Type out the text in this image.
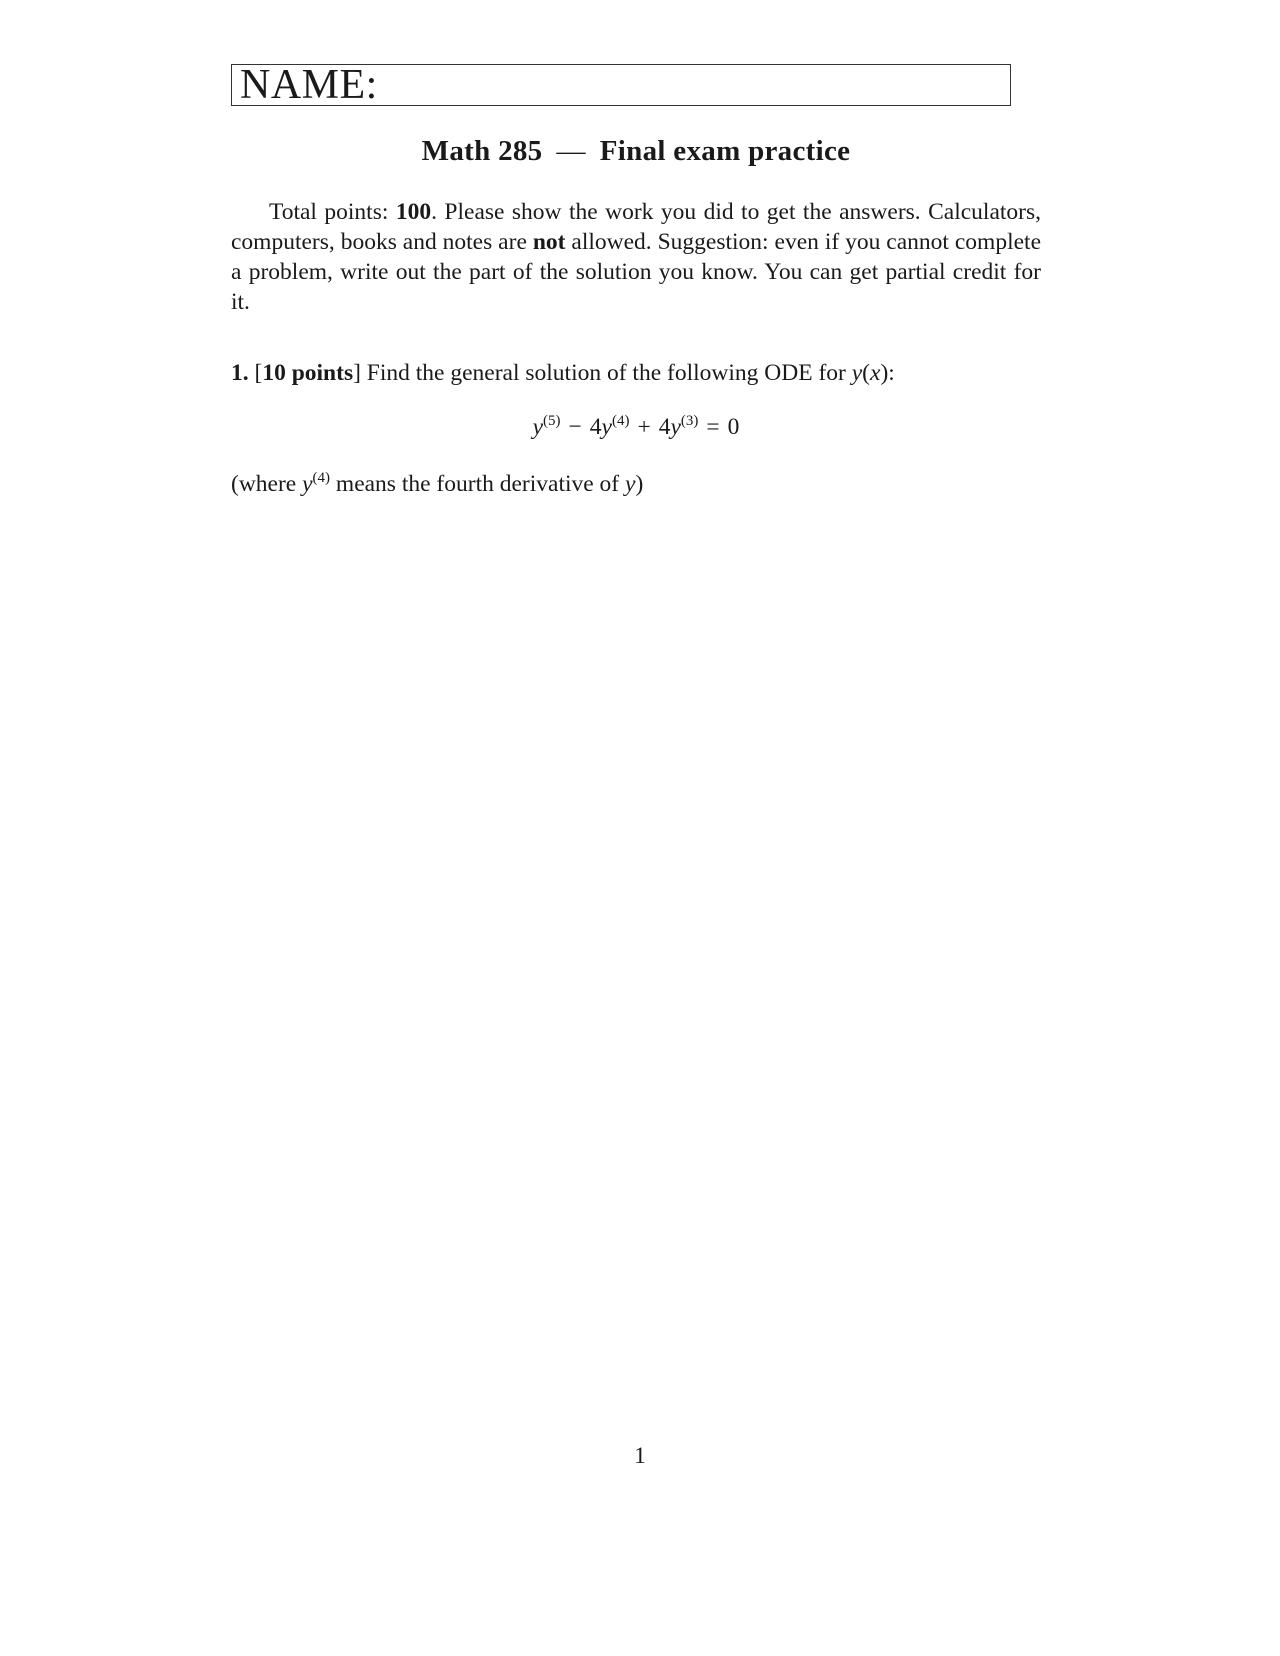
NAME:
Math 285 — Final exam practice

Total points: 100. Please show the work you did to get the answers. Calculators, computers, books and notes are not allowed. Suggestion: even if you cannot complete a problem, write out the part of the solution you know. You can get partial credit for it.

1. [10 points] Find the general solution of the following ODE for y(x):
$y^{(5)} - 4y^{(4)} + 4y^{(3)} = 0$
(where $y^{(4)}$ means the fourth derivative of y)
1
